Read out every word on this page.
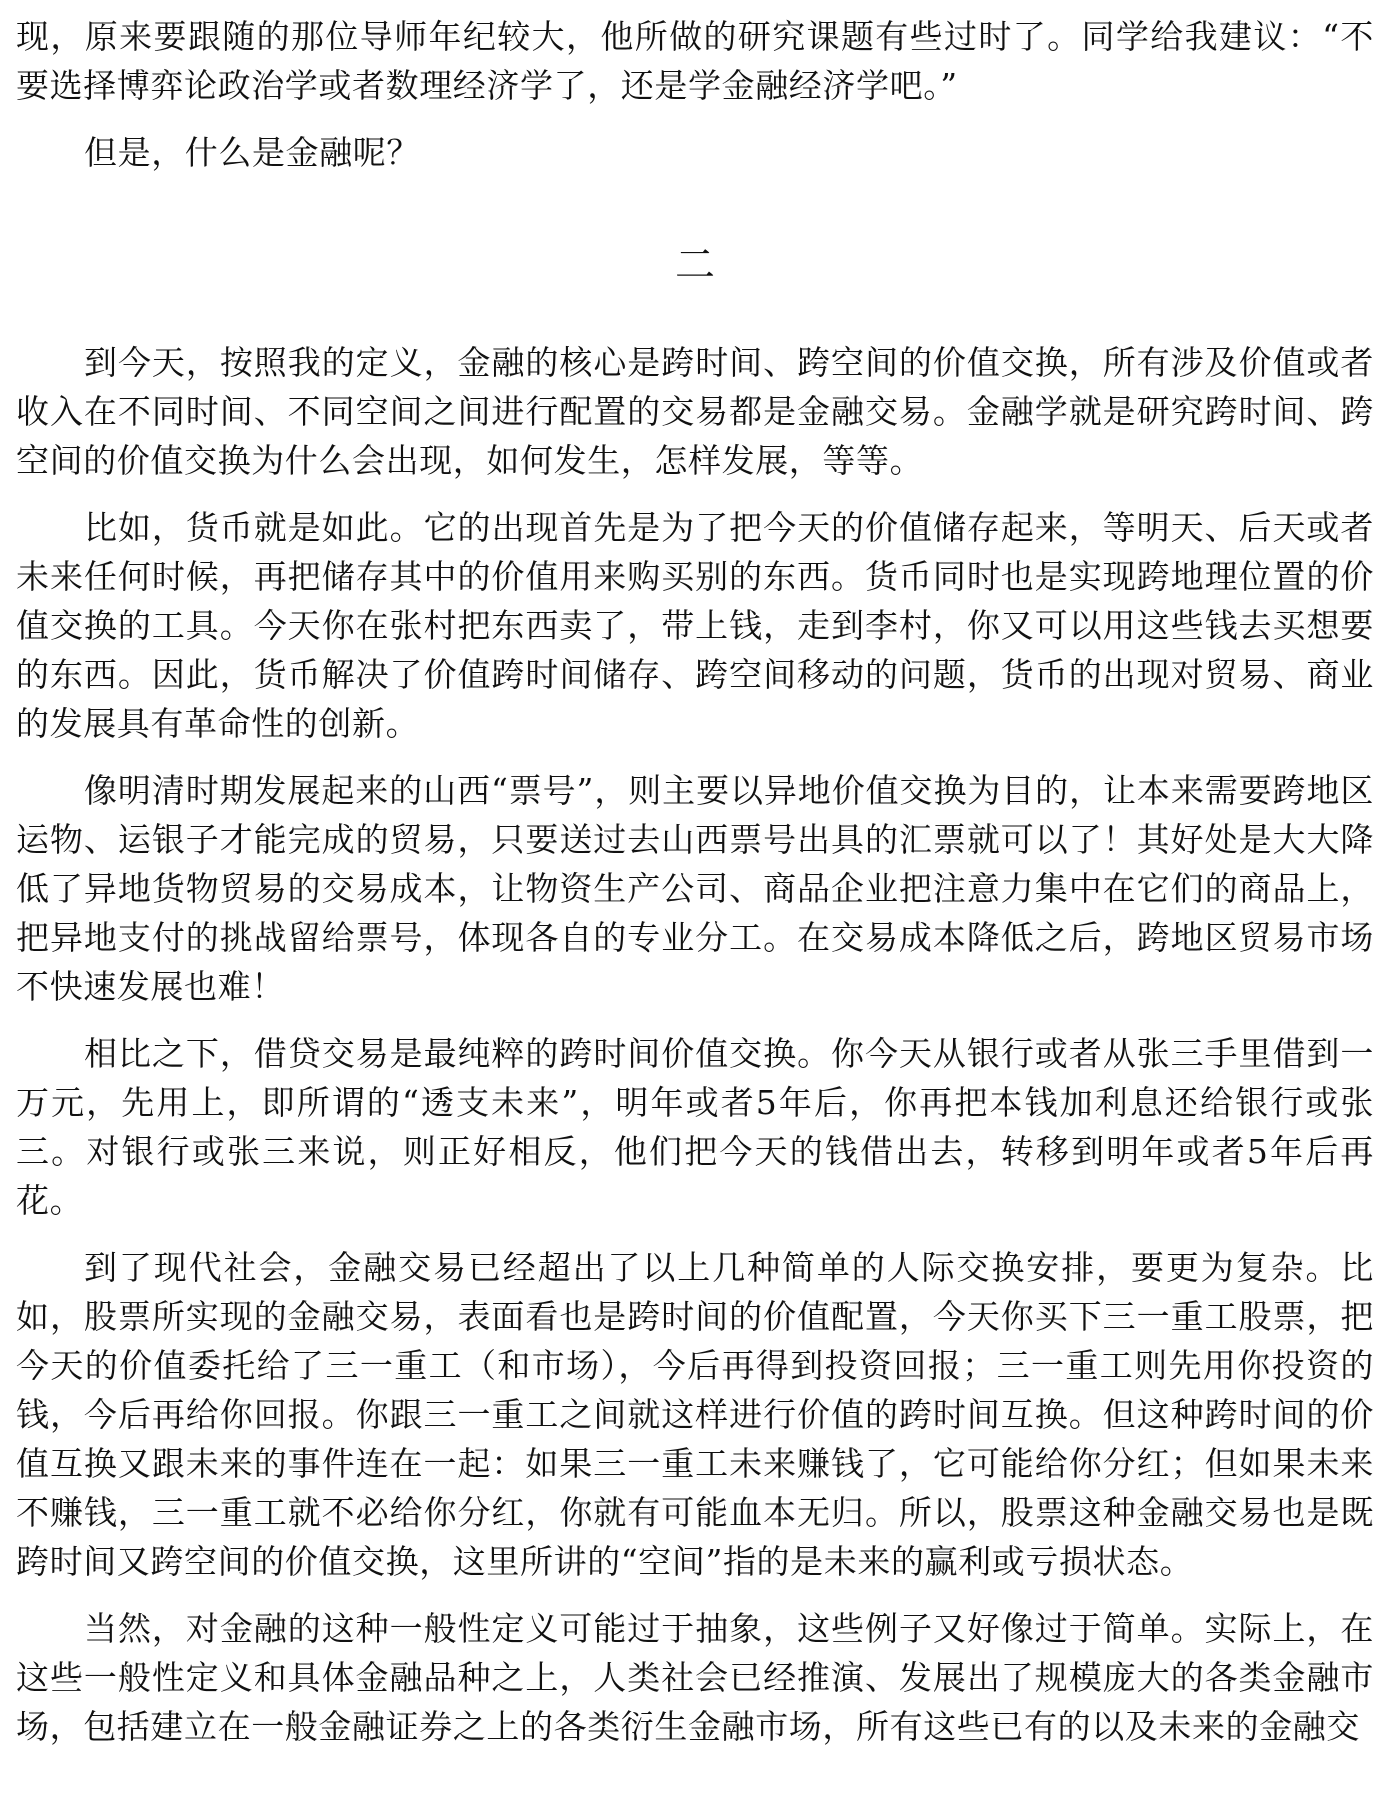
现，原来要跟随的那位导师年纪较大，他所做的研究课题有些过时了。同学给我建议：“不要选择博弈论政治学或者数理经济学了，还是学金融经济学吧。”

但是，什么是金融呢？

二

到今天，按照我的定义，金融的核心是跨时间、跨空间的价值交换，所有涉及价值或者收入在不同时间、不同空间之间进行配置的交易都是金融交易。金融学就是研究跨时间、跨空间的价值交换为什么会出现，如何发生，怎样发展，等等。

比如，货币就是如此。它的出现首先是为了把今天的价值储存起来，等明天、后天或者未来任何时候，再把储存其中的价值用来购买别的东西。货币同时也是实现跨地理位置的价值交换的工具。今天你在张村把东西卖了，带上钱，走到李村，你又可以用这些钱去买想要的东西。因此，货币解决了价值跨时间储存、跨空间移动的问题，货币的出现对贸易、商业的发展具有革命性的创新。

像明清时期发展起来的山西“票号”，则主要以异地价值交换为目的，让本来需要跨地区运物、运银子才能完成的贸易，只要送过去山西票号出具的汇票就可以了！其好处是大大降低了异地货物贸易的交易成本，让物资生产公司、商品企业把注意力集中在它们的商品上，把异地支付的挑战留给票号，体现各自的专业分工。在交易成本降低之后，跨地区贸易市场不快速发展也难！

相比之下，借贷交易是最纯粹的跨时间价值交换。你今天从银行或者从张三手里借到一万元，先用上，即所谓的“透支未来”，明年或者5年后，你再把本钱加利息还给银行或张三。对银行或张三来说，则正好相反，他们把今天的钱借出去，转移到明年或者5年后再花。

到了现代社会，金融交易已经超出了以上几种简单的人际交换安排，要更为复杂。比如，股票所实现的金融交易，表面看也是跨时间的价值配置，今天你买下三一重工股票，把今天的价值委托给了三一重工（和市场），今后再得到投资回报；三一重工则先用你投资的钱，今后再给你回报。你跟三一重工之间就这样进行价值的跨时间互换。但这种跨时间的价值互换又跟未来的事件连在一起：如果三一重工未来赚钱了，它可能给你分红；但如果未来不赚钱，三一重工就不必给你分红，你就有可能血本无归。所以，股票这种金融交易也是既跨时间又跨空间的价值交换，这里所讲的“空间”指的是未来的赢利或亏损状态。

当然，对金融的这种一般性定义可能过于抽象，这些例子又好像过于简单。实际上，在这些一般性定义和具体金融品种之上，人类社会已经推演、发展出了规模庞大的各类金融市场，包括建立在一般金融证券之上的各类衍生金融市场，所有这些已有的以及未来的金融交
